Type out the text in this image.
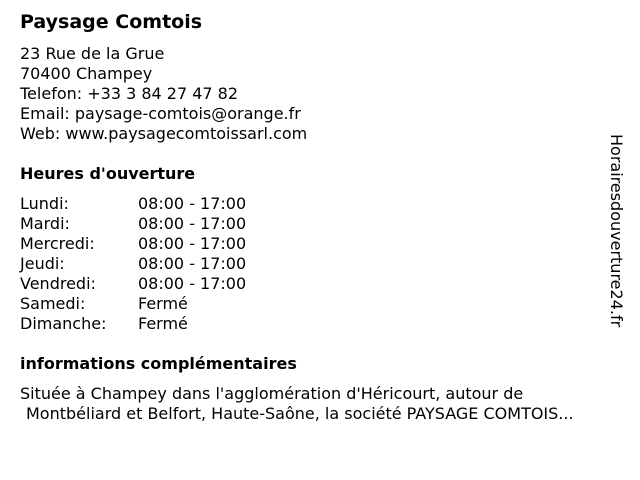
Paysage Comtois
23 Rue de la Grue
70400 Champey
Telefon: +33 3 84 27 47 82
Email: paysage-comtois@orange.fr
Web: www.paysagecomtoissarl.com
Heures d'ouverture
Lundi:	08:00 - 17:00
Mardi:	08:00 - 17:00
Mercredi:	08:00 - 17:00
Jeudi:	08:00 - 17:00
Vendredi:	08:00 - 17:00
Samedi:	Fermé
Dimanche:	Fermé
informations complémentaires
Située à Champey dans l'agglomération d'Héricourt, autour de
Montbéliard et Belfort, Haute-Saône, la société PAYSAGE COMTOIS...
Horairesdouverture24.fr
